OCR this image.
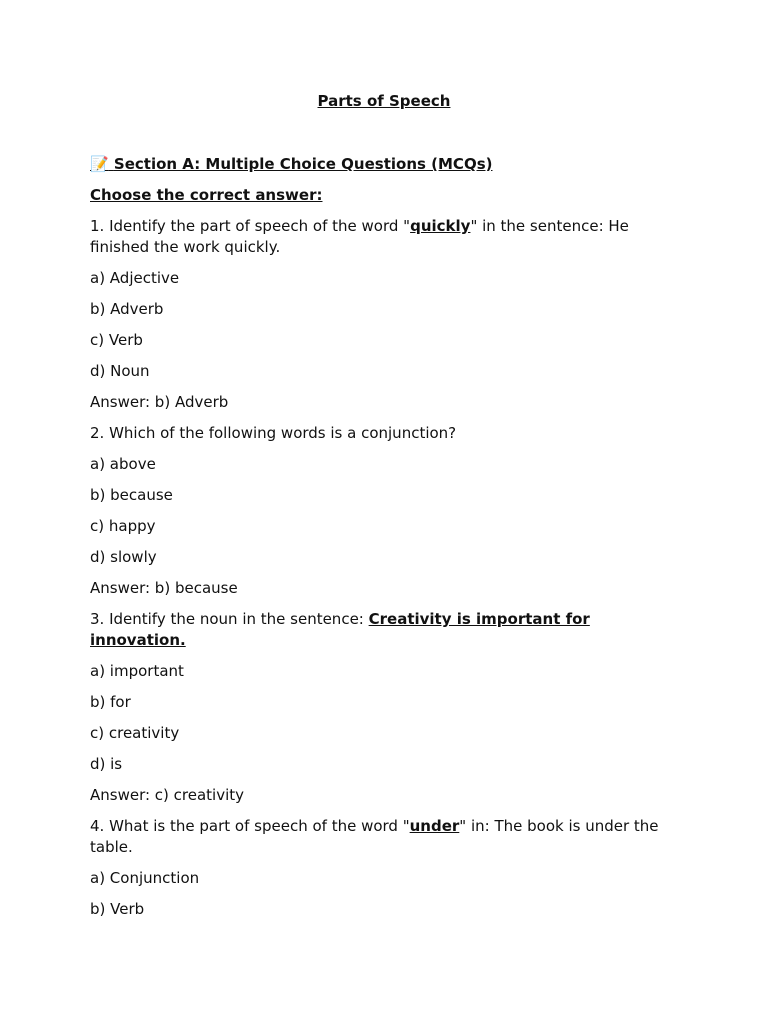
Parts of Speech

📝 Section A: Multiple Choice Questions (MCQs)

Choose the correct answer:

1. Identify the part of speech of the word "quickly" in the sentence: He finished the work quickly.

a) Adjective

b) Adverb

c) Verb

d) Noun

Answer: b) Adverb

2. Which of the following words is a conjunction?

a) above

b) because

c) happy

d) slowly

Answer: b) because

3. Identify the noun in the sentence: Creativity is important for innovation.

a) important

b) for

c) creativity

d) is

Answer: c) creativity

4. What is the part of speech of the word "under" in: The book is under the table.

a) Conjunction

b) Verb
